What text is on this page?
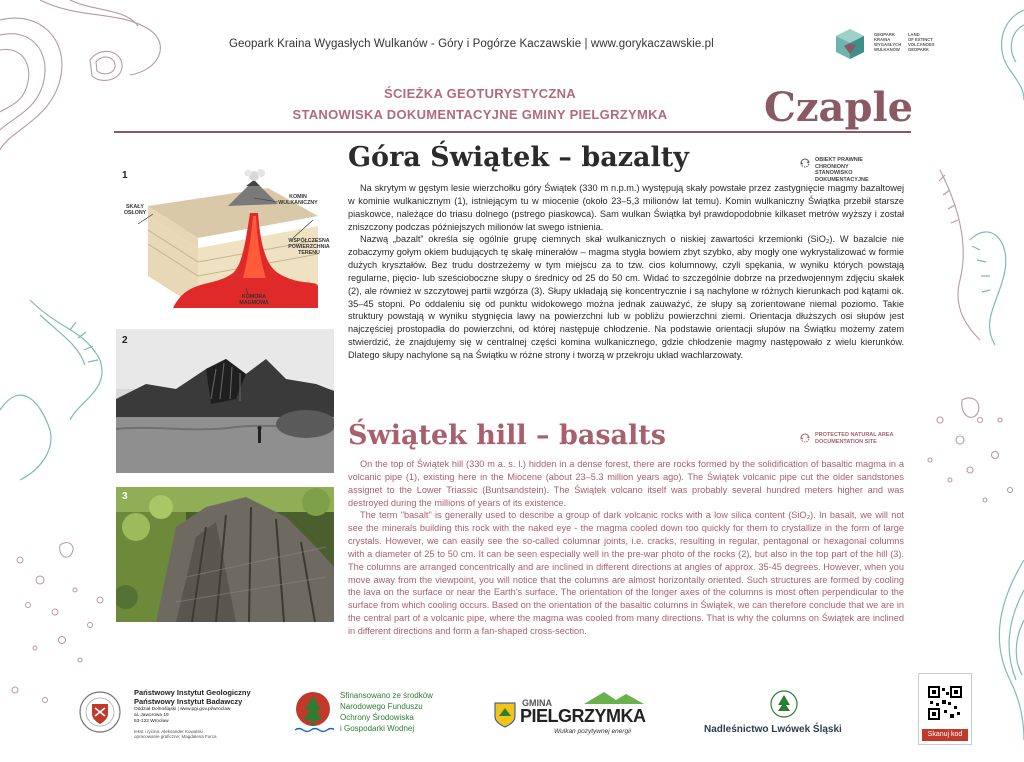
Geopark Kraina Wygasłych Wulkanów - Góry i Pogórze Kaczawskie | www.gorykaczawskie.pl
GEOPARK
KRAINA
WYGASŁYCH
WULKANÓW
LAND
OF EXTINCT
VOLCANOES
GEOPARK
ŚCIEŻKA GEOTURYSTYCZNA
STANOWISKA DOKUMENTACYJNE GMINY PIELGRZYMKA	Czaple
Góra Świątek – bazalty	OBIEKT PRAWNIE CHRONIONY
STANOWISKO DOKUMENTACYJNE

Na skrytym w gęstym lesie wierzchołku góry Świątek (330 m n.p.m.) występują skały powstałe przez zastygnięcie magmy bazaltowej w kominie wulkanicznym (1), istniejącym tu w miocenie (około 23–5,3 milionów lat temu). Komin wulkaniczny Świątka przebił starsze piaskowce, należące do triasu dolnego (pstrego piaskowca). Sam wulkan Świątka był prawdopodobnie kilkaset metrów wyższy i został zniszczony podczas późniejszych milionów lat swego istnienia.

Nazwą „bazalt” określa się ogólnie grupę ciemnych skał wulkanicznych o niskiej zawartości krzemionki (SiO₂). W bazalcie nie zobaczymy gołym okiem budujących tę skałę minerałów – magma stygła bowiem zbyt szybko, aby mogły one wykrystalizować w formie dużych kryształów. Bez trudu dostrzeżemy w tym miejscu za to tzw. cios kolumnowy, czyli spękania, w wyniku których powstają regularne, pięcio- lub sześcioboczne słupy o średnicy od 25 do 50 cm. Widać to szczególnie dobrze na przedwojennym zdjęciu skałek (2), ale również w szczytowej partii wzgórza (3). Słupy układają się koncentrycznie i są nachylone w różnych kierunkach pod kątami ok. 35–45 stopni. Po oddaleniu się od punktu widokowego można jednak zauważyć, że słupy są zorientowane niemal poziomo. Takie struktury powstają w wyniku stygnięcia lawy na powierzchni lub w pobliżu powierzchni ziemi. Orientacja dłuższych osi słupów jest najczęściej prostopadła do powierzchni, od której następuje chłodzenie. Na podstawie orientacji słupów na Świątku możemy zatem stwierdzić, że znajdujemy się w centralnej części komina wulkanicznego, gdzie chłodzenie magmy następowało z wielu kierunków. Dlatego słupy nachylone są na Świątku w różne strony i tworzą w przekroju układ wachlarzowaty.

Świątek hill – basalts	PROTECTED NATURAL AREA
DOCUMENTATION SITE

On the top of Świątek hill (330 m a. s. l.) hidden in a dense forest, there are rocks formed by the solidification of basaltic magma in a volcanic pipe (1), existing here in the Miocene (about 23–5.3 million years ago). The Świątek volcanic pipe cut the older sandstones assignet to the Lower Triassic (Buntsandstein). The Świątek volcano itself was probably several hundred meters higher and was destroyed during the millions of years of its existence.

The term "basalt" is generally used to describe a group of dark volcanic rocks with a low silica content (SiO₂). In basalt, we will not see the minerals building this rock with the naked eye - the magma cooled down too quickly for them to crystallize in the form of large crystals. However, we can easily see the so-called columnar joints, i.e. cracks, resulting in regular, pentagonal or hexagonal columns with a diameter of 25 to 50 cm. It can be seen especially well in the pre-war photo of the rocks (2), but also in the top part of the hill (3). The columns are arranged concentrically and are inclined in different directions at angles of approx. 35-45 degrees. However, when you move away from the viewpoint, you will notice that the columns are almost horizontally oriented. Such structures are formed by cooling the lava on the surface or near the Earth's surface. The orientation of the longer axes of the columns is most often perpendicular to the surface from which cooling occurs. Based on the orientation of the basaltic columns in Świątek, we can therefore conclude that we are in the central part of a volcanic pipe, where the magma was cooled from many directions. That is why the columns on Świątek are inclined in different directions and form a fan-shaped cross-section.

1
SKAŁY OSŁONY
KOMIN WULKANICZNY
WSPÓŁCZESNA POWIERZCHNIA TERENU
KOMORA MAGMOWA
2
3
Państwowy Instytut Geologiczny
Państwowy Instytut Badawczy
Oddział Dolnośląski | www.pgi.gov.pl/wroclaw
al. Jaworowa 19
53-122 Wrocław
tekst i rycina: Aleksander Kowalski
opracowanie graficzne: Magdalena Furca
Sfinansowano ze środków
Narodowego Funduszu
Ochrony Środowiska
i Gospodarki Wodnej
GMINA
PIELGRZYMKA
Wulkan pozytywnej energii	Nadleśnictwo Lwówek Śląski	Skanuj kod
